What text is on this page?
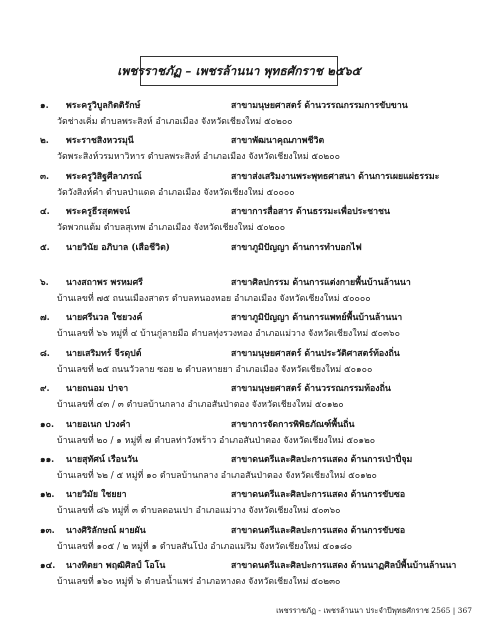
เพชรราชภัฏ – เพชรล้านนา พุทธศักราช ๒๕๖๕
๑.	พระครูวิบูลกิตติรักษ์	สาขามนุษยศาสตร์ ด้านวรรณกรรมการขับขาน
วัดช่างเคิ่ม ตำบลพระสิงห์ อำเภอเมือง จังหวัดเชียงใหม่ ๕๐๒๐๐
๒.	พระราชสิงหวรมุนี	สาขาพัฒนาคุณภาพชีวิต
วัดพระสิงห์วรมหาวิหาร ตำบลพระสิงห์ อำเภอเมือง จังหวัดเชียงใหม่ ๕๐๒๐๐
๓.	พระครูวิสิฐศีลาภรณ์	สาขาส่งเสริมงานพระพุทธศาสนา ด้านการเผยแผ่ธรรมะ
วัดวังสิงห์คำ ตำบลป่าแดด อำเภอเมือง จังหวัดเชียงใหม่ ๕๐๐๐๐
๔.	พระครูธีรสุตพจน์	สาขาการสื่อสาร ด้านธรรมะเพื่อประชาชน
วัดพวกแต้ม ตำบลสุเทพ อำเภอเมือง จังหวัดเชียงใหม่ ๕๐๒๐๐
๕.	นายวินัย อภิบาล (เสือชีวิต)	สาขาภูมิปัญญา ด้านการทำบอกไฟ
๖.	นางสถาพร พรหมศรี	สาขาศิลปกรรม ด้านการแต่งกายพื้นบ้านล้านนา
บ้านเลขที่ ๗๕ ถนนเมืองสาตร ตำบลหนองหอย อำเภอเมือง จังหวัดเชียงใหม่ ๕๐๐๐๐
๗.	นายศรีนวล ใชยวงค์	สาขาภูมิปัญญา ด้านการแพทย์พื้นบ้านล้านนา
บ้านเลขที่ ๖๖ หมู่ที่ ๔ บ้านกู่ลายมือ ตำบลทุ่งรวงทอง อำเภอแม่วาง จังหวัดเชียงใหม่ ๕๐๓๖๐
๘.	นายเสริมทร์ จีรดุปต์	สาขามนุษยศาสตร์ ด้านประวัติศาสตร์ท้องถิ่น
บ้านเลขที่ ๒๕ ถนนวัวลาย ซอย ๒ ตำบลหายยา อำเภอเมือง จังหวัดเชียงใหม่ ๕๐๑๐๐
๙.	นายถนอม ปาจา	สาขามนุษยศาสตร์ ด้านวรรณกรรมท้องถิ่น
บ้านเลขที่ ๔๓ / ๓ ตำบลบ้านกลาง อำเภอสันป่าตอง จังหวัดเชียงใหม่ ๕๐๑๒๐
๑๐.	นายอเนก ปวงคำ	สาขาการจัดการพิพิธภัณฑ์พื้นถิ่น
บ้านเลขที่ ๒๐ / ๑ หมู่ที่ ๗ ตำบลท่าวังพร้าว อำเภอสันป่าตอง จังหวัดเชียงใหม่ ๕๐๑๒๐
๑๑.	นายสุทัศน์ เรือนวัน	สาขาดนตรีและศิลปะการแสดง ด้านการเป่าปี่จุม
บ้านเลขที่ ๖๒ / ๕ หมู่ที่ ๑๐ ตำบลบ้านกลาง อำเภอสันป่าตอง จังหวัดเชียงใหม่ ๕๐๑๒๐
๑๒.	นายวิมัย ใชยยา	สาขาดนตรีและศิลปะการแสดง ด้านการขับซอ
บ้านเลขที่ ๘๖ หมู่ที่ ๓ ตำบลดอนเปา อำเภอแม่วาง จังหวัดเชียงใหม่ ๕๐๓๖๐
๑๓.	นางศิริลักษณ์ ผายผัน	สาขาดนตรีและศิลปะการแสดง ด้านการขับซอ
บ้านเลขที่ ๑๐๕ / ๒ หมู่ที่ ๑ ตำบลสันโป่ง อำเภอแม่ริม จังหวัดเชียงใหม่ ๕๐๑๘๐
๑๔.	นางทิตยา พฤฒิศิลป์ โอโน	สาขาดนตรีและศิลปะการแสดง ด้านนาฏศิลป์พื้นบ้านล้านนา
บ้านเลขที่ ๑๖๐ หมู่ที่ ๖ ตำบลน้ำแพร่ อำเภอหางดง จังหวัดเชียงใหม่ ๕๐๒๓๐
เพชรราชภัฏ - เพชรล้านนา ประจำปีพุทธศักราช 2565 | 367
